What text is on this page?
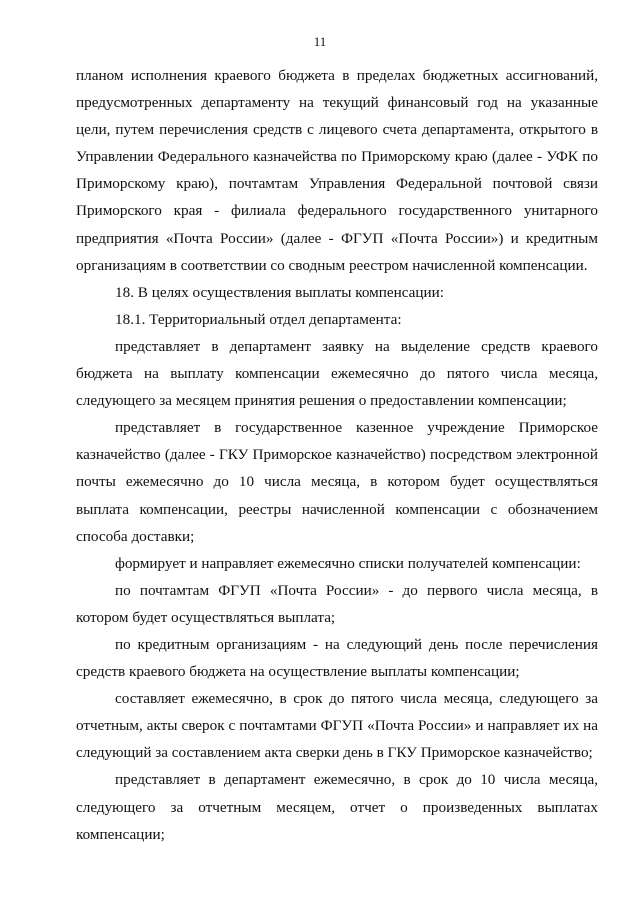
11

планом исполнения краевого бюджета в пределах бюджетных ассигнований, предусмотренных департаменту на текущий финансовый год на указанные цели, путем перечисления средств с лицевого счета департамента, открытого в Управлении Федерального казначейства по Приморскому краю (далее - УФК по Приморскому краю), почтамтам Управления Федеральной почтовой связи Приморского края - филиала федерального государственного унитарного предприятия «Почта России» (далее - ФГУП «Почта России») и кредитным организациям в соответствии со сводным реестром начисленной компенсации.

18. В целях осуществления выплаты компенсации:

18.1. Территориальный отдел департамента:

представляет в департамент заявку на выделение средств краевого бюджета на выплату компенсации ежемесячно до пятого числа месяца, следующего за месяцем принятия решения о предоставлении компенсации;

представляет в государственное казенное учреждение Приморское казначейство (далее - ГКУ Приморское казначейство) посредством электронной почты ежемесячно до 10 числа месяца, в котором будет осуществляться выплата компенсации, реестры начисленной компенсации с обозначением способа доставки;

формирует и направляет ежемесячно списки получателей компенсации:

по почтамтам ФГУП «Почта России» - до первого числа месяца, в котором будет осуществляться выплата;

по кредитным организациям - на следующий день после перечисления средств краевого бюджета на осуществление выплаты компенсации;

составляет ежемесячно, в срок до пятого числа месяца, следующего за отчетным, акты сверок с почтамтами ФГУП «Почта России» и направляет их на следующий за составлением акта сверки день в ГКУ Приморское казначейство;

представляет в департамент ежемесячно, в срок до 10 числа месяца, следующего за отчетным месяцем, отчет о произведенных выплатах компенсации;
